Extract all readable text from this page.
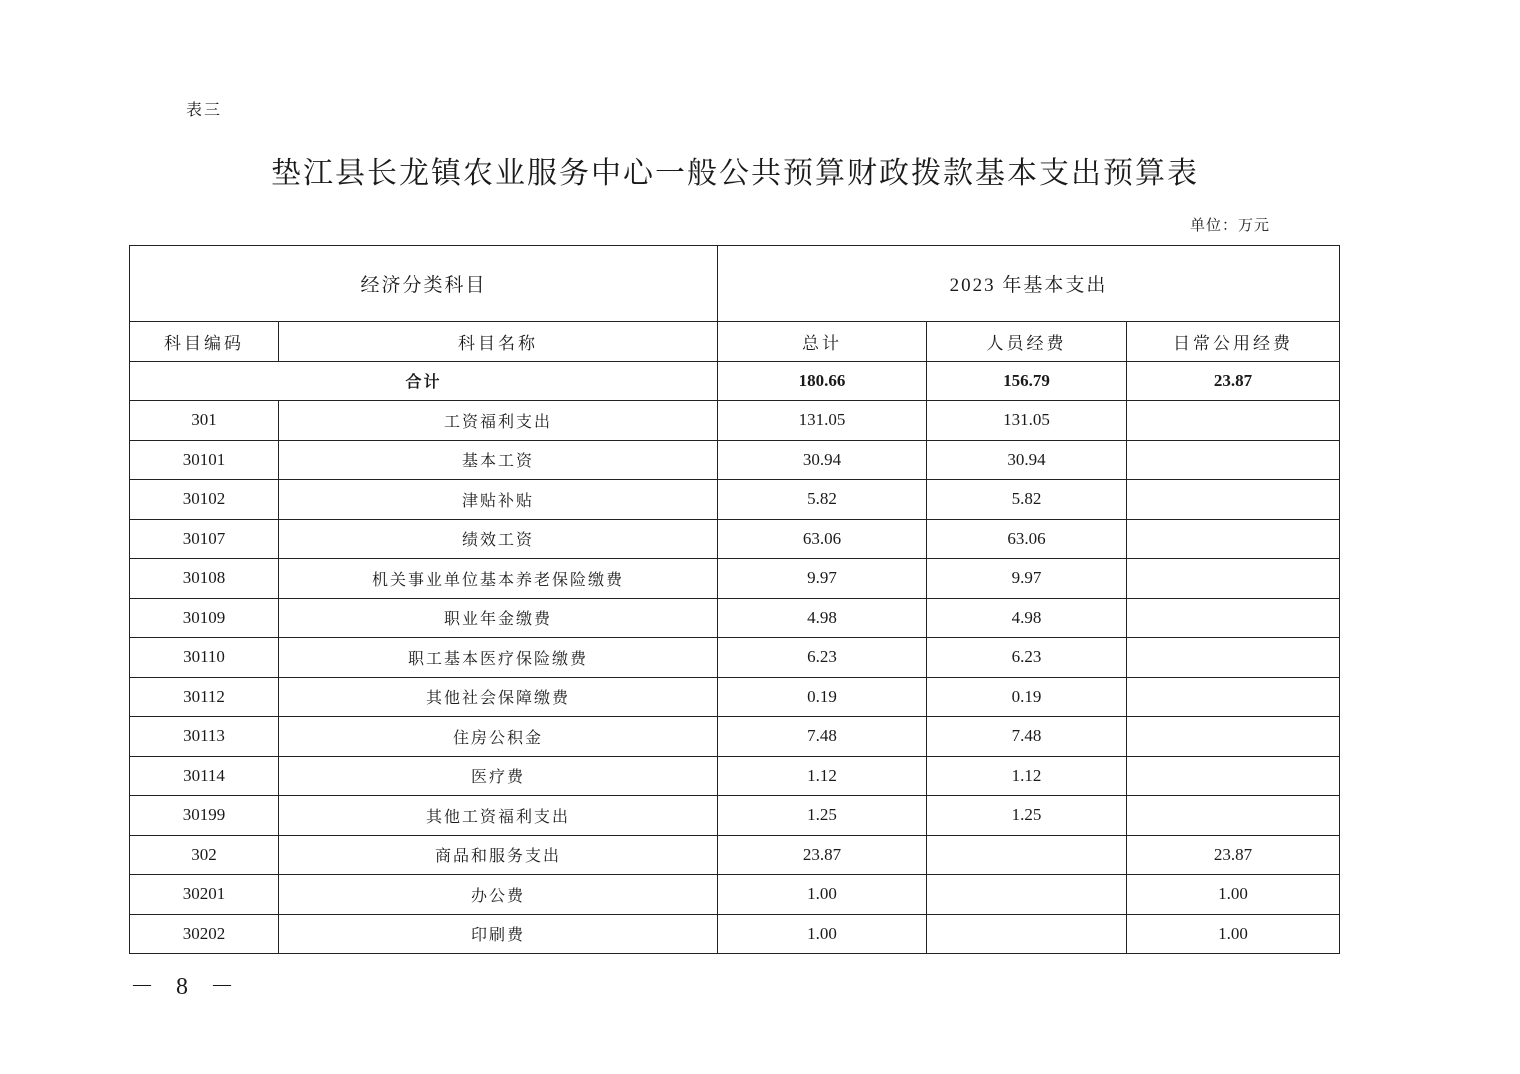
表三
垫江县长龙镇农业服务中心一般公共预算财政拨款基本支出预算表
单位：万元
经济分类科目		2023 年基本支出		
科目编码	科目名称	总计	人员经费	日常公用经费
合计		180.66	156.79	23.87
301	工资福利支出	131.05	131.05	
30101	基本工资	30.94	30.94	
30102	津贴补贴	5.82	5.82	
30107	绩效工资	63.06	63.06	
30108	机关事业单位基本养老保险缴费	9.97	9.97	
30109	职业年金缴费	4.98	4.98	
30110	职工基本医疗保险缴费	6.23	6.23	
30112	其他社会保障缴费	0.19	0.19	
30113	住房公积金	7.48	7.48	
30114	医疗费	1.12	1.12	
30199	其他工资福利支出	1.25	1.25	
302	商品和服务支出	23.87		23.87
30201	办公费	1.00		1.00
30202	印刷费	1.00		1.00
－ 8 －
